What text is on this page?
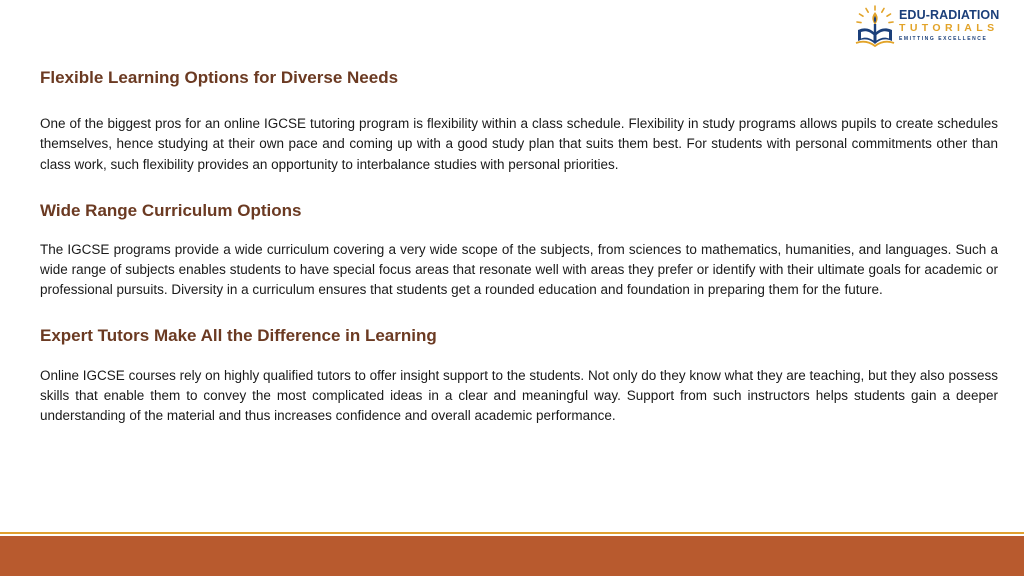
EDU-RADIATION
TUTORIALS
EMITTING EXCELLENCE
Flexible Learning Options for Diverse Needs

One of the biggest pros for an online IGCSE tutoring program is flexibility within a class schedule. Flexibility in study programs allows pupils to create schedules themselves, hence studying at their own pace and coming up with a good study plan that suits them best. For students with personal commitments other than class work, such flexibility provides an opportunity to interbalance studies with personal priorities.

Wide Range Curriculum Options

The IGCSE programs provide a wide curriculum covering a very wide scope of the subjects, from sciences to mathematics, humanities, and languages. Such a wide range of subjects enables students to have special focus areas that resonate well with areas they prefer or identify with their ultimate goals for academic or professional pursuits. Diversity in a curriculum ensures that students get a rounded education and foundation in preparing them for the future.

Expert Tutors Make All the Difference in Learning

Online IGCSE courses rely on highly qualified tutors to offer insight support to the students. Not only do they know what they are teaching, but they also possess skills that enable them to convey the most complicated ideas in a clear and meaningful way. Support from such instructors helps students gain a deeper understanding of the material and thus increases confidence and overall academic performance.
